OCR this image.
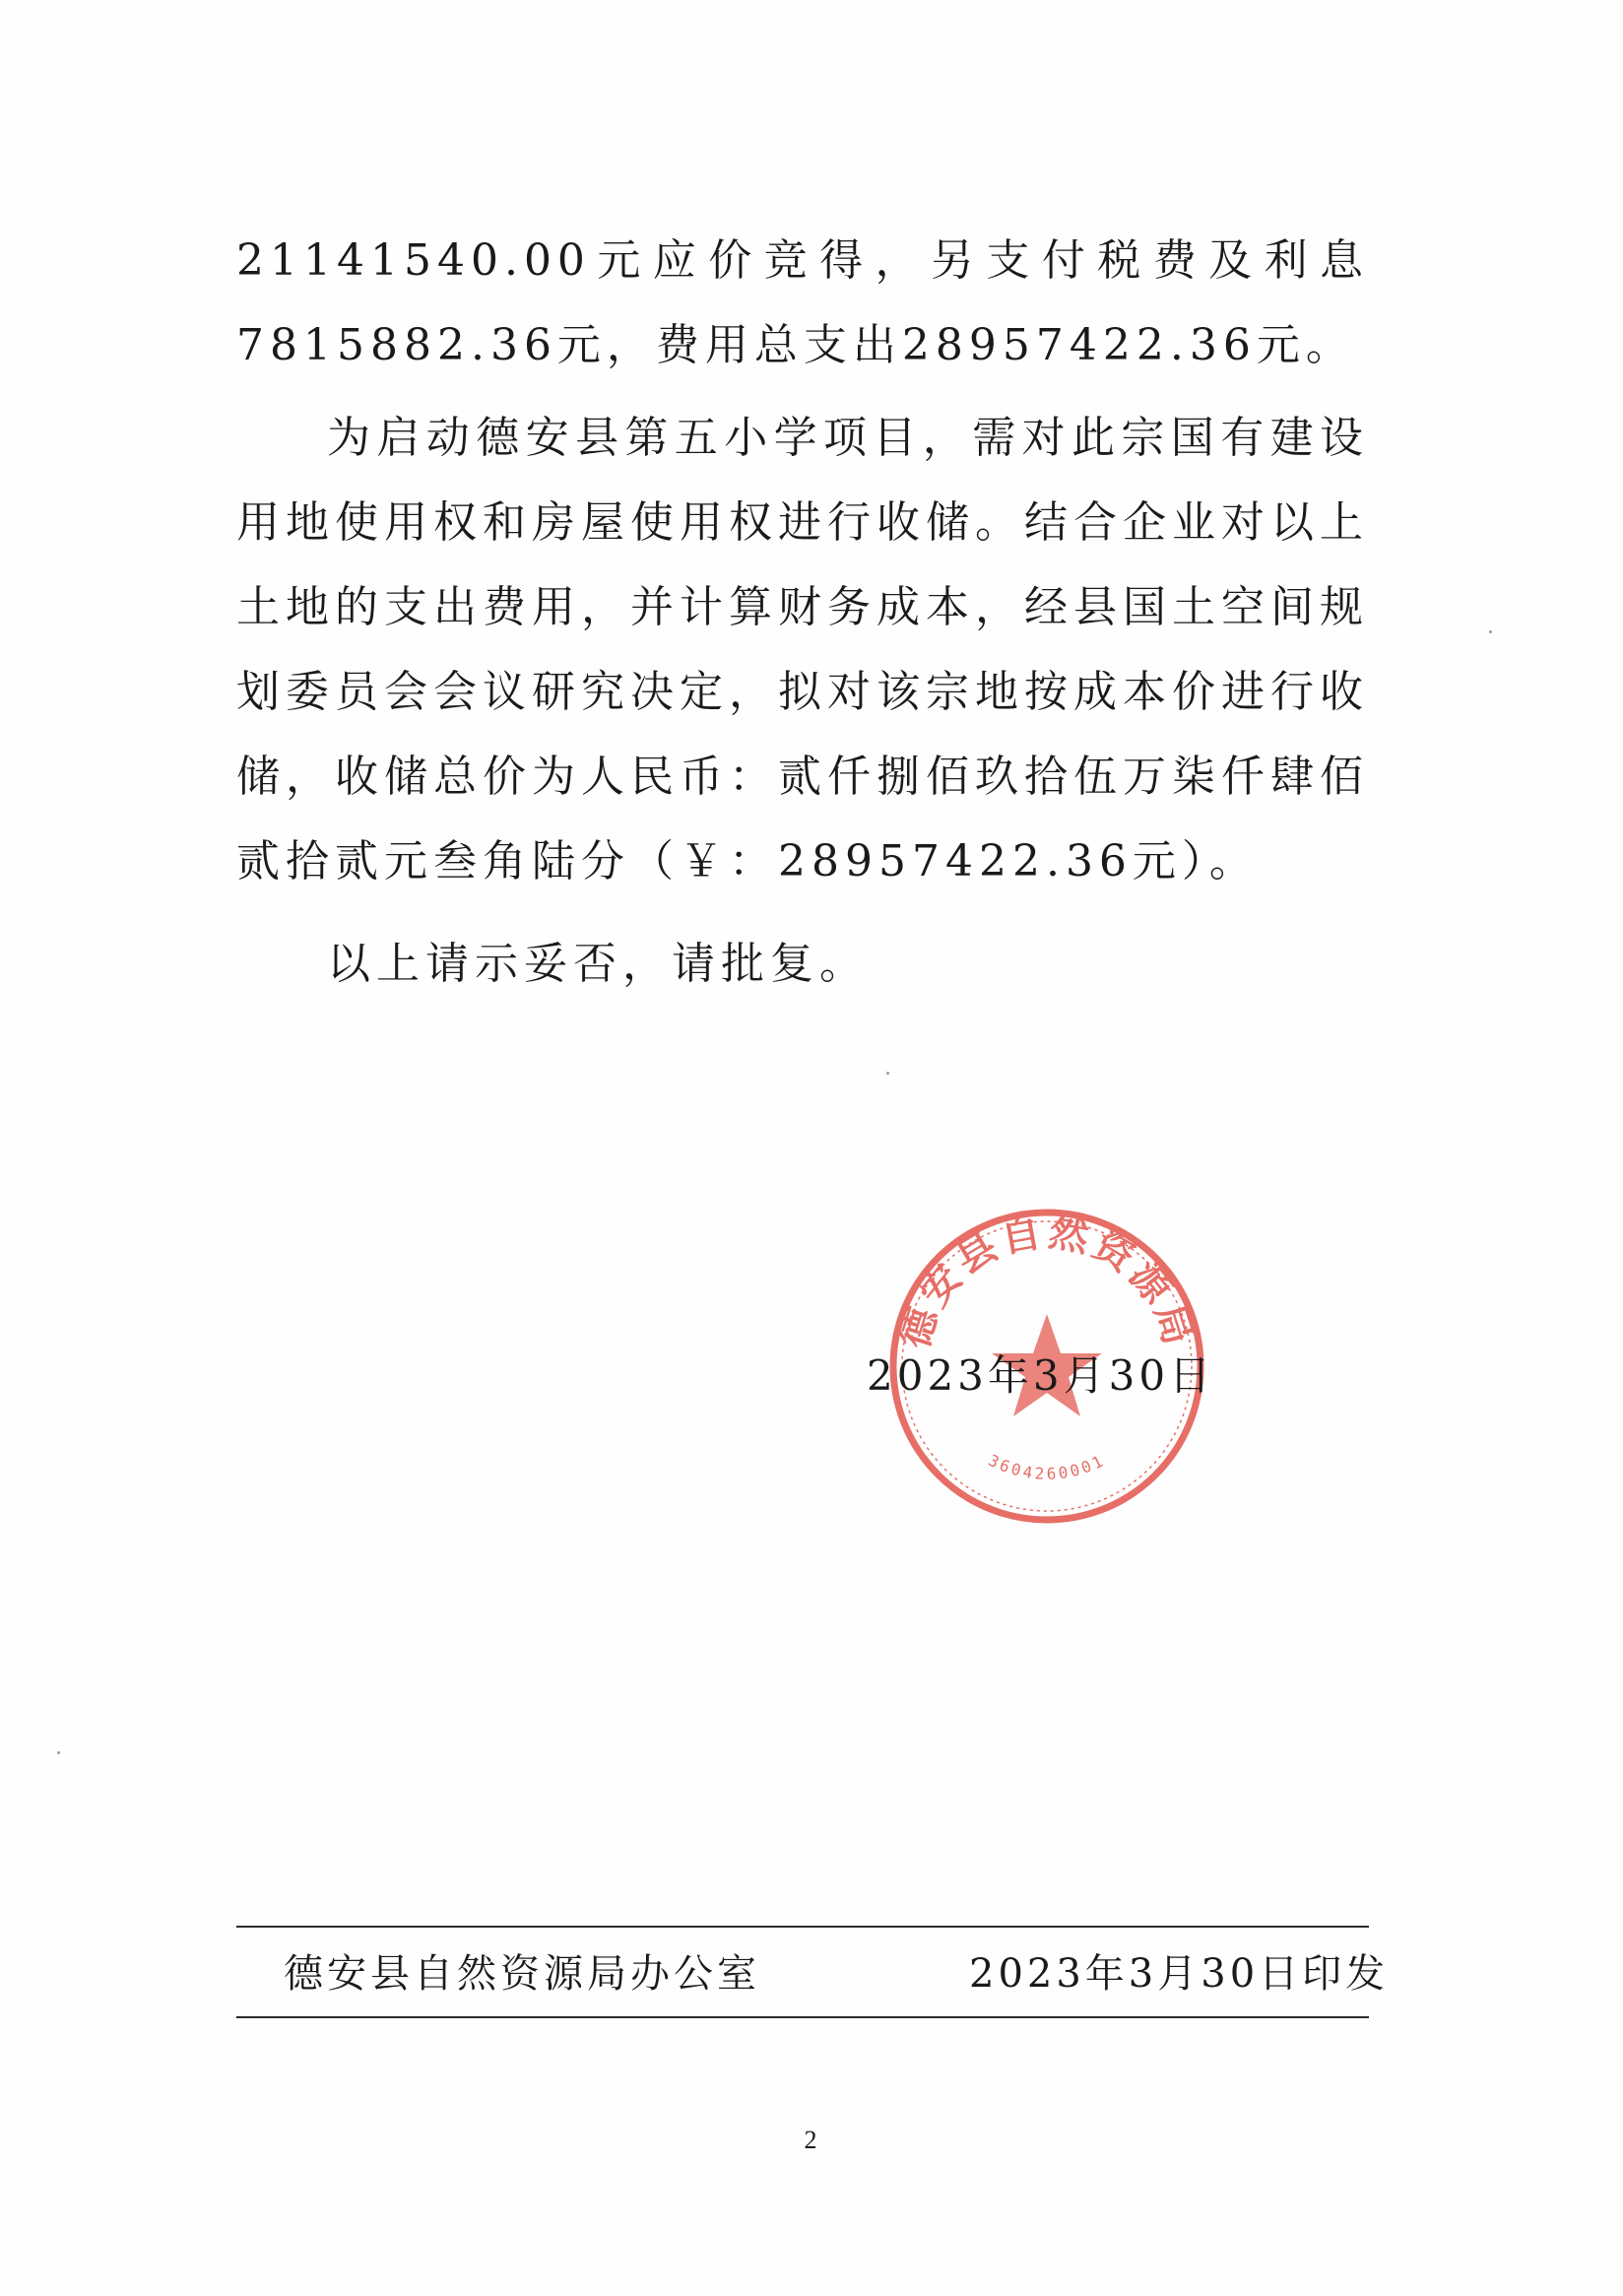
21141540.00元应价竞得，另支付税费及利息7815882.36元，费用总支出28957422.36元。

为启动德安县第五小学项目，需对此宗国有建设用地使用权和房屋使用权进行收储。结合企业对以上土地的支出费用，并计算财务成本，经县国土空间规划委员会会议研究决定，拟对该宗地按成本价进行收储，收储总价为人民币：贰仟捌佰玖拾伍万柒仟肆佰贰拾贰元叁角陆分（￥：28957422.36元）。

以上请示妥否，请批复。

德安县自然资源局
3604260001
2023年3月30日
德安县自然资源局办公室	2023年3月30日印发
2
